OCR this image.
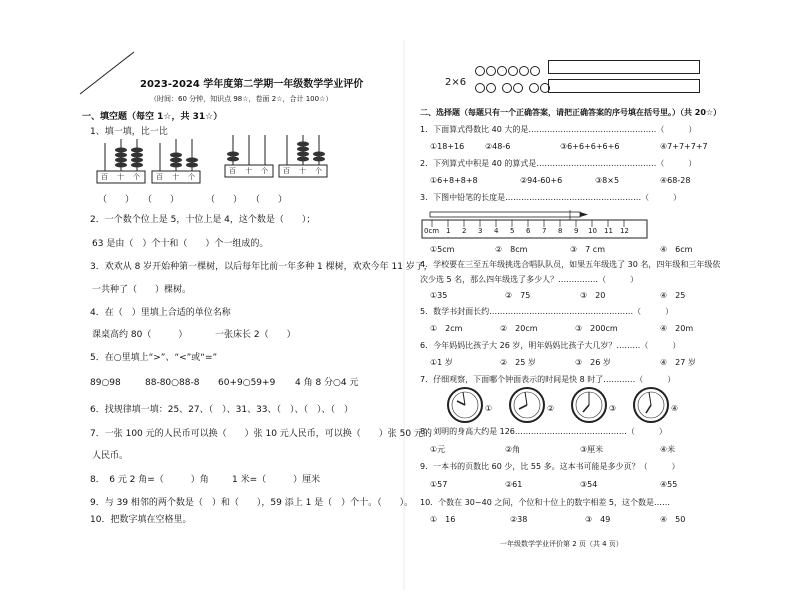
2023-2024 学年度第二学期一年级数学学业评价
（时间：60 分钟，知识点 98☆，卷面 2☆，合计 100☆）
一、填空题（每空 1☆，共 31☆）
1、填一填，比一比
百 十 个 百 十 个
百 十 个 百 十 个
（　　）　　（　　）　　　　（　　）　　（　　）
2．一个数个位上是 5，十位上是 4，这个数是（　　）；
63 是由（　）个十和（　　）个一组成的。
3．欢欢从 8 岁开始种第一棵树，以后每年比前一年多种 1 棵树，欢欢今年 11 岁了，
一共种了（　　）棵树。
4．在（　）里填上合适的单位名称
课桌高约 80（　　　）	一张床长 2（　　）
5．在○里填上“>”、“<”或“=”
89○98	88-80○88-8 60+9○59+9 4 角 8 分○4 元
6．找规律填一填：25、27、（　）、31、33、（　）、（　）、（　）
7．一张 100 元的人民币可以换（　　）张 10 元人民币，可以换（　　）张 50 元的
人民币。
8．　6 元 2 角=（　　　）角	1 米=（　　　）厘米
9．与 39 相邻的两个数是（　）和（　　），59 添上 1 是（　）个十。（　　）。
10．把数字填在空格里。
2×6

二、选择题（每题只有一个正确答案，请把正确答案的序号填在括号里。）（共 20☆）
1．下面算式得数比 40 大的是…………………………………………（　　　）
①18+16	②48-6	③6+6+6+6+6	④7+7+7+7
2．下列算式中积是 40 的算式是………………………………………（　　　）
①6+8+8+8	②94-60+6	③8×5	④68-28
3．下图中铅笔的长度是……………………………………………（　　　）
0cm 1 2 3 4 5 6 7 8 9 10 11 12
①5cm	②　8cm	③　7 cm	④　6cm
4．学校要在三至五年级挑选合唱队队员，如果五年级选了 30 名，四年级和三年级依
次少选 5 名，那么四年级选了多少人？……………（　　　）
①35	②　75	③　20	④　25
5．数学书封面长约………………………………………………（　　　）
①　2cm	②　20cm	③　200cm	④　20m
6．今年妈妈比孩子大 26 岁，明年妈妈比孩子大几岁？………（　　　）
①1 岁	②　25 岁	③　26 岁	④　27 岁
7．仔细观察，下面哪个钟面表示的时间是快 8 时了…………（　　　）
①	②	③	④
8．刘明的身高大约是 126……………………………………（　　　）
①元	②角	③厘米	④米
9．一本书的页数比 60 少，比 55 多。这本书可能是多少页？（　　　）
①57	②61	③54	④55
10．个数在 30~40 之间，个位和十位上的数字相差 5，这个数是……
①　16	②38	③　49	④　50
一年级数学学业评价第 2 页（共 4 页）
